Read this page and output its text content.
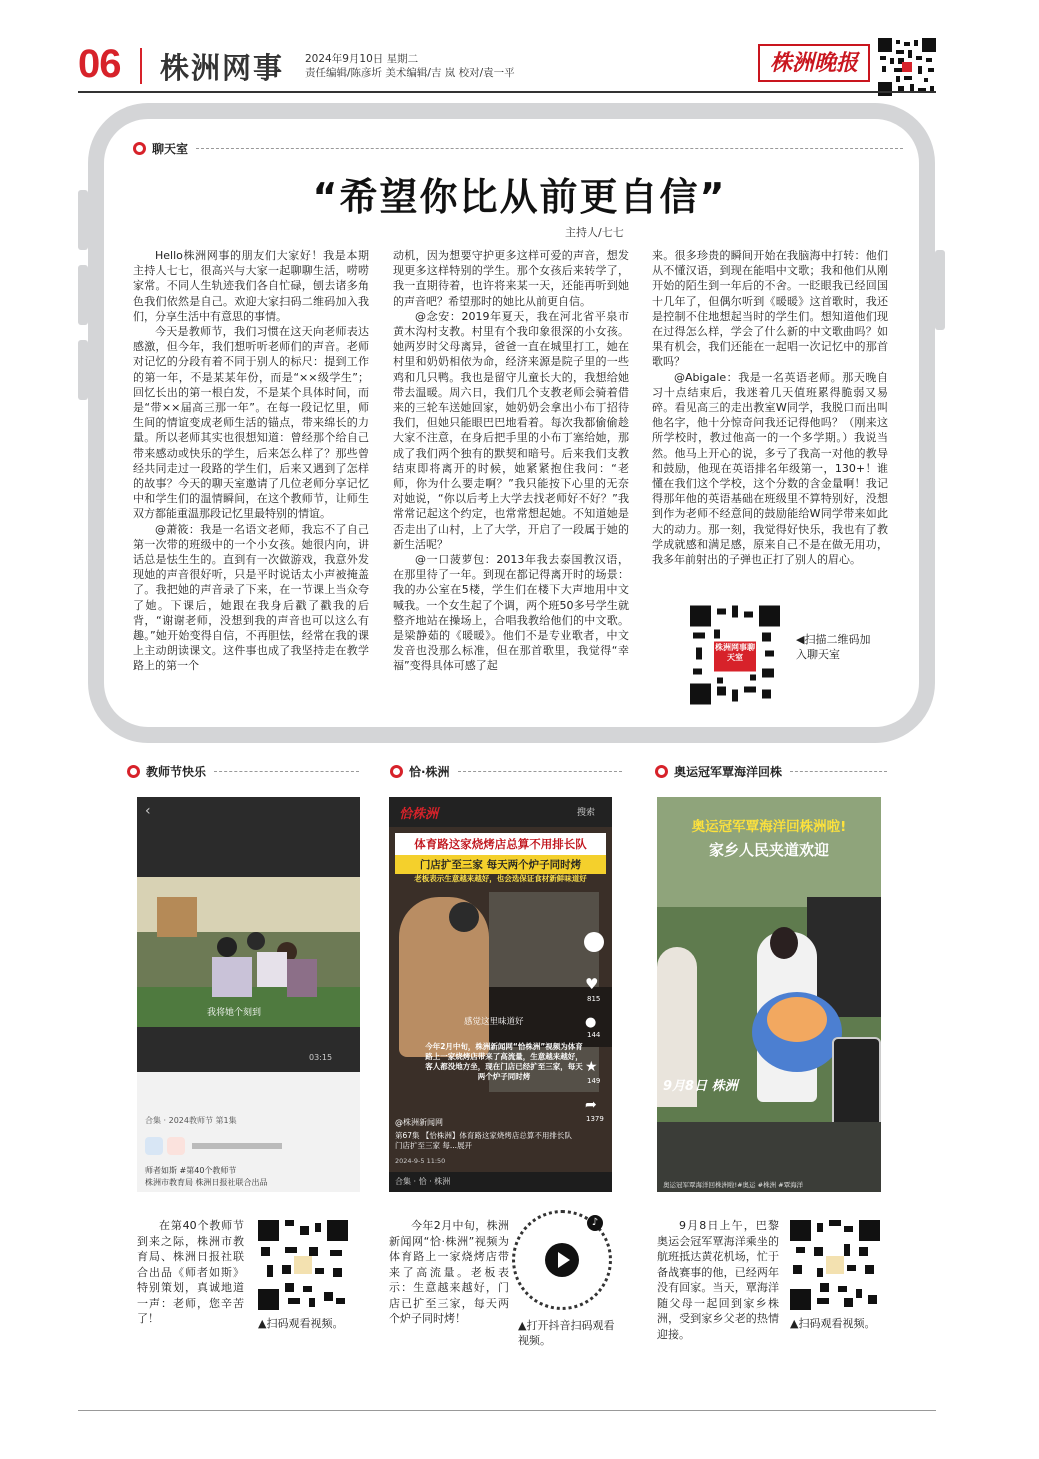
06 株洲网事 2024年9月10日 星期二
责任编辑/陈彦圻 美术编辑/吉 岚 校对/袁一平	株洲晚报
聊天室
“希望你比从前更自信”
主持人/七七

Hello株洲网事的朋友们大家好！我是本期主持人七七，很高兴与大家一起聊聊生活，唠唠家常。不同人生轨迹我们各自忙碌，刨去诸多角色我们依然是自己。欢迎大家扫码二维码加入我们，分享生活中有意思的事情。

今天是教师节，我们习惯在这天向老师表达感激，但今年，我们想听听老师们的声音。老师对记忆的分段有着不同于别人的标尺：提到工作的第一年，不是某某年份，而是“××级学生”；回忆长出的第一根白发，不是某个具体时间，而是“带××届高三那一年”。在每一段记忆里，师生间的情谊变成老师生活的锚点，带来绵长的力量。所以老师其实也很想知道：曾经那个给自己带来感动或快乐的学生，后来怎么样了？那些曾经共同走过一段路的学生们，后来又遇到了怎样的故事？今天的聊天室邀请了几位老师分享记忆中和学生们的温情瞬间，在这个教师节，让师生双方都能重温那段记忆里最特别的情谊。

@萧筱：我是一名语文老师，我忘不了自己第一次带的班级中的一个小女孩。她很内向，讲话总是怯生生的。直到有一次做游戏，我意外发现她的声音很好听，只是平时说话太小声被掩盖了。我把她的声音录了下来，在一节课上当众夸了她。下课后，她跟在我身后戳了戳我的后背，“谢谢老师，没想到我的声音也可以这么有趣。”她开始变得自信，不再胆怯，经常在我的课上主动朗读课文。这件事也成了我坚持走在教学路上的第一个

动机，因为想要守护更多这样可爱的声音，想发现更多这样特别的学生。那个女孩后来转学了，我一直期待着，也许将来某一天，还能再听到她的声音吧？希望那时的她比从前更自信。

@念安：2019年夏天，我在河北省平泉市黄木沟村支教。村里有个我印象很深的小女孩。她两岁时父母离异，爸爸一直在城里打工，她在村里和奶奶相依为命，经济来源是院子里的一些鸡和几只鸭。我也是留守儿童长大的，我想给她带去温暖。周六日，我们几个支教老师会骑着借来的三轮车送她回家，她奶奶会拿出小布丁招待我们，但她只能眼巴巴地看着。每次我都偷偷趁大家不注意，在身后把手里的小布丁塞给她，那成了我们两个独有的默契和暗号。后来我们支教结束即将离开的时候，她紧紧抱住我问：“老师，你为什么要走啊？”我只能按下心里的无奈对她说，“你以后考上大学去找老师好不好？”我常常记起这个约定，也常常想起她。不知道她是否走出了山村，上了大学，开启了一段属于她的新生活呢？

@一口菠萝包：2013年我去泰国教汉语，在那里待了一年。到现在都记得离开时的场景：我的办公室在5楼，学生们在楼下大声地用中文喊我。一个女生起了个调，两个班50多号学生就整齐地站在操场上，合唱我教给他们的中文歌。是梁静茹的《暖暖》。他们不是专业歌者，中文发音也没那么标准，但在那首歌里，我觉得“幸福”变得具体可感了起

来。很多珍贵的瞬间开始在我脑海中打转：他们从不懂汉语，到现在能唱中文歌；我和他们从刚开始的陌生到一年后的不舍。一眨眼我已经回国十几年了，但偶尔听到《暖暖》这首歌时，我还是控制不住地想起当时的学生们。想知道他们现在过得怎么样，学会了什么新的中文歌曲吗？如果有机会，我们还能在一起唱一次记忆中的那首歌吗？

@Abigale：我是一名英语老师。那天晚自习十点结束后，我迷着几天值班累得脆弱又易碎。看见高三的走出教室W同学，我脱口而出叫他名字，他十分惊奇问我还记得他吗？（刚来这所学校时，教过他高一的一个多学期。）我说当然。他马上开心的说，多亏了我高一对他的教导和鼓励，他现在英语排名年级第一，130+！谁懂在我们这个学校，这个分数的含金量啊！我记得那年他的英语基础在班级里不算特别好，没想到作为老师不经意间的鼓励能给W同学带来如此大的动力。那一刻，我觉得好快乐，我也有了教学成就感和满足感，原来自己不是在做无用功，我多年前射出的子弹也正打了别人的眉心。

株洲网事聊天室
◀扫描二维码加入聊天室
教师节快乐
‹
我将她个刻到
03:15
合集 · 2024教师节 第1集
师者如斯 #第40个教师节
株洲市教育局 株洲日报社联合出品

在第40个教师节到来之际，株洲市教育局、株洲日报社联合出品《师者如斯》特别策划，真诚地道一声：老师，您辛苦了！	▲扫码观看视频。
恰·株洲
恰株洲	搜索
体育路这家烧烤店总算不用排长队
门店扩至三家 每天两个炉子同时烤
老板表示生意越来越好，也会选保证食材新鲜味道好
♥
815
●
144
★
149
➦
1379
感觉这里味道好
今年2月中旬，株洲新闻网“恰株洲”视频为体育路上一家烧烤店带来了高流量，生意越来越好，客人都没地方坐，现在门店已经扩至三家，每天两个炉子同时烤
@株洲新闻网
第67集 【恰株洲】体育路这家烧烤店总算不用排长队门店扩至三家 每...展开
2024-9-5 11:50
合集 · 恰 · 株洲

今年2月中旬，株洲新闻网“恰·株洲”视频为体育路上一家烧烤店带来了高流量。老板表示：生意越来越好，门店已扩至三家，每天两个炉子同时烤！

♪
▲打开抖音扫码观看视频。
奥运冠军覃海洋回株
奥运冠军覃海洋回株洲啦!
家乡人民夹道欢迎
9月8日 株洲
奥运冠军覃海洋回株洲啦!#奥运 #株洲 #覃海洋

9月8日上午，巴黎奥运会冠军覃海洋乘坐的航班抵达黄花机场，忙于备战赛事的他，已经两年没有回家。当天，覃海洋随父母一起回到家乡株洲，受到家乡父老的热情迎接。

▲扫码观看视频。
